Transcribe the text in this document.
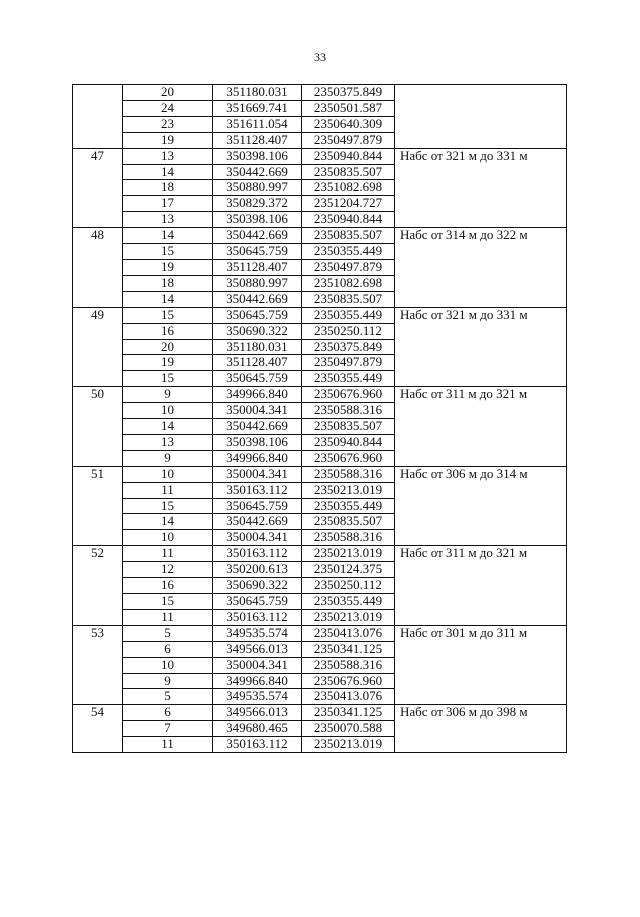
33
	20	351180.031	2350375.849	
	24	351669.741	2350501.587	
	23	351611.054	2350640.309	
	19	351128.407	2350497.879	
47	13	350398.106	2350940.844	Набс от 321 м до 331 м
	14	350442.669	2350835.507	
	18	350880.997	2351082.698	
	17	350829.372	2351204.727	
	13	350398.106	2350940.844	
48	14	350442.669	2350835.507	Набс от 314 м до 322 м
	15	350645.759	2350355.449	
	19	351128.407	2350497.879	
	18	350880.997	2351082.698	
	14	350442.669	2350835.507	
49	15	350645.759	2350355.449	Набс от 321 м до 331 м
	16	350690.322	2350250.112	
	20	351180.031	2350375.849	
	19	351128.407	2350497.879	
	15	350645.759	2350355.449	
50	9	349966.840	2350676.960	Набс от 311 м до 321 м
	10	350004.341	2350588.316	
	14	350442.669	2350835.507	
	13	350398.106	2350940.844	
	9	349966.840	2350676.960	
51	10	350004.341	2350588.316	Набс от 306 м до 314 м
	11	350163.112	2350213.019	
	15	350645.759	2350355.449	
	14	350442.669	2350835.507	
	10	350004.341	2350588.316	
52	11	350163.112	2350213.019	Набс от 311 м до 321 м
	12	350200.613	2350124.375	
	16	350690.322	2350250.112	
	15	350645.759	2350355.449	
	11	350163.112	2350213.019	
53	5	349535.574	2350413.076	Набс от 301 м до 311 м
	6	349566.013	2350341.125	
	10	350004.341	2350588.316	
	9	349966.840	2350676.960	
	5	349535.574	2350413.076	
54	6	349566.013	2350341.125	Набс от 306 м до 398 м
	7	349680.465	2350070.588	
	11	350163.112	2350213.019	
